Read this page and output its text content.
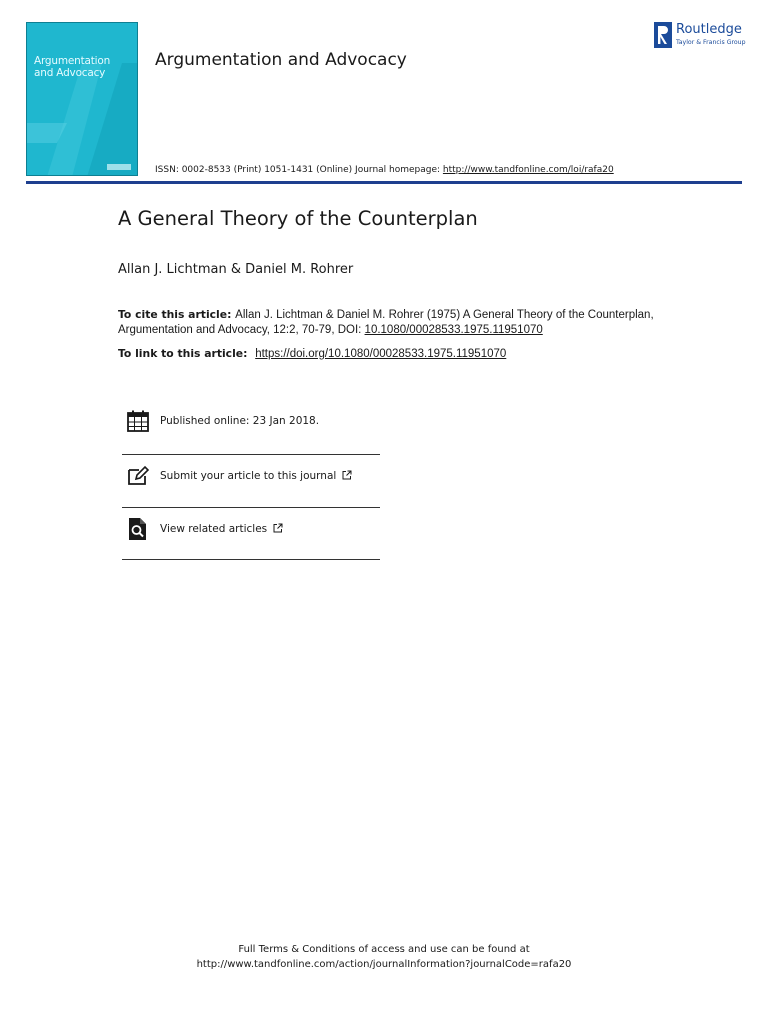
Argumentation
and Advocacy
Argumentation and Advocacy
ISSN: 0002-8533 (Print) 1051-1431 (Online) Journal homepage: http://www.tandfonline.com/loi/rafa20
Routledge
Taylor & Francis Group
A General Theory of the Counterplan
Allan J. Lichtman & Daniel M. Rohrer
To cite this article: Allan J. Lichtman & Daniel M. Rohrer (1975) A General Theory of the Counterplan, Argumentation and Advocacy, 12:2, 70-79, DOI: 10.1080/00028533.1975.11951070
To link to this article: https://doi.org/10.1080/00028533.1975.11951070
Published online: 23 Jan 2018.
Submit your article to this journal
View related articles
Full Terms & Conditions of access and use can be found at
http://www.tandfonline.com/action/journalInformation?journalCode=rafa20
